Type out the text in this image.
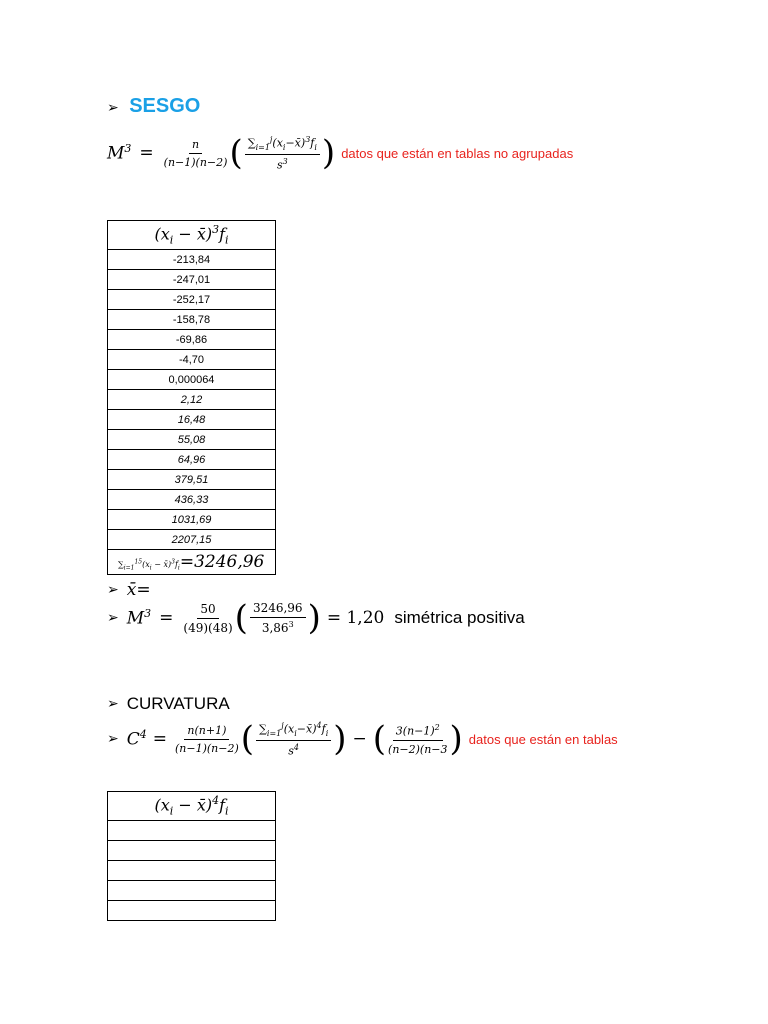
➢ SESGO
$M^3 = \frac{n}{(n-1)(n-2)}$ ( $\frac{\sum_{i=1}^j(x_i-x̄)^3f_i}{s^3}$ ) datos que están en tablas no agrupadas
($x_i$ − $x̄)^3f_i$
-213,84
-247,01
-252,17
-158,78
-69,86
-4,70
0,000064
2,12
16,48
55,08
64,96
379,51
436,33
1031,69
2207,15
$\sum_{i=1}^{15}(x_i$ − $x̄)^3f_i=3246,96$
➢ x̄ =
➢ $M^3 = \frac{50}{(49)(48)}$ ( $\frac{3246,96}{3,86^3}$ ) = 1,20 simétrica positiva
➢ CURVATURA
➢ $C^4 = \frac{n(n+1)}{(n-1)(n-2)}$ ( $\frac{\sum_{i=1}^j(x_i-x̄)^4f_i}{s^4}$ ) − ( $\frac{3(n-1)^2}{(n-2)(n-3}$ ) datos que están en tablas
($x_i$ − $x̄)^4f_i$
